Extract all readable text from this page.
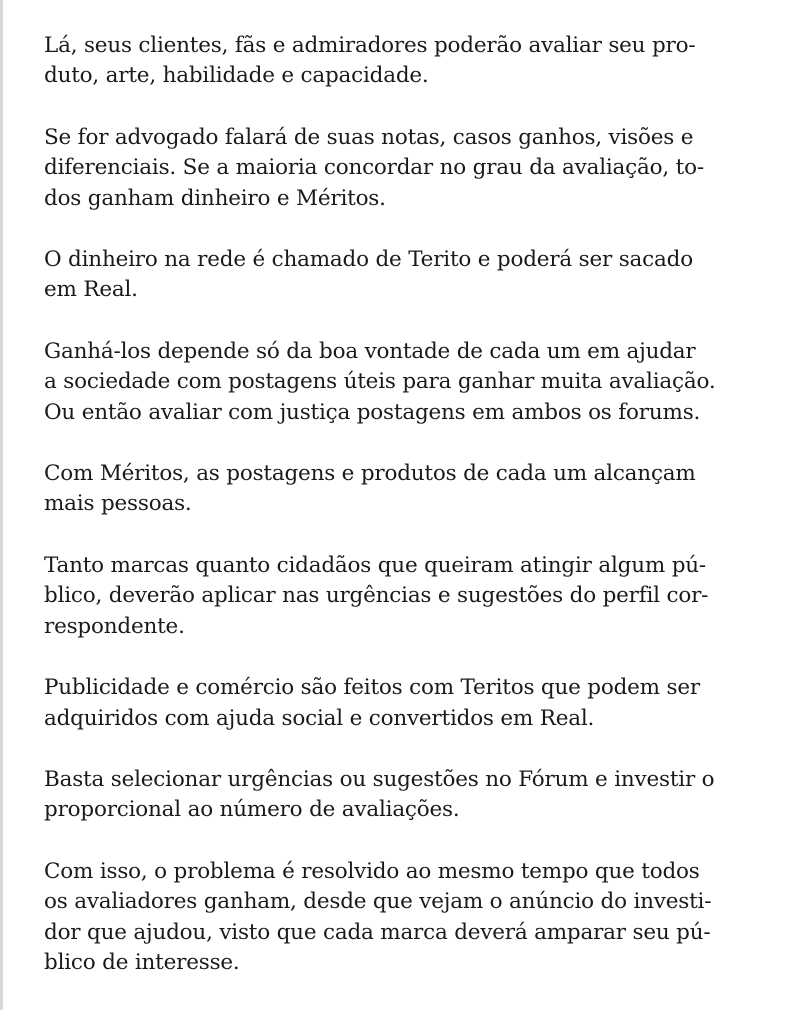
Lá, seus clientes, fãs e admiradores poderão avaliar seu pro-
duto, arte, habilidade e capacidade.

Se for advogado falará de suas notas, casos ganhos, visões e
diferenciais. Se a maioria concordar no grau da avaliação, to-
dos ganham dinheiro e Méritos.

O dinheiro na rede é chamado de Terito e poderá ser sacado
em Real.

Ganhá-los depende só da boa vontade de cada um em ajudar
a sociedade com postagens úteis para ganhar muita avaliação.
Ou então avaliar com justiça postagens em ambos os forums.

Com Méritos, as postagens e produtos de cada um alcançam
mais pessoas.

Tanto marcas quanto cidadãos que queiram atingir algum pú-
blico, deverão aplicar nas urgências e sugestões do perfil cor-
respondente.

Publicidade e comércio são feitos com Teritos que podem ser
adquiridos com ajuda social e convertidos em Real.

Basta selecionar urgências ou sugestões no Fórum e investir o
proporcional ao número de avaliações.

Com isso, o problema é resolvido ao mesmo tempo que todos
os avaliadores ganham, desde que vejam o anúncio do investi-
dor que ajudou, visto que cada marca deverá amparar seu pú-
blico de interesse.
